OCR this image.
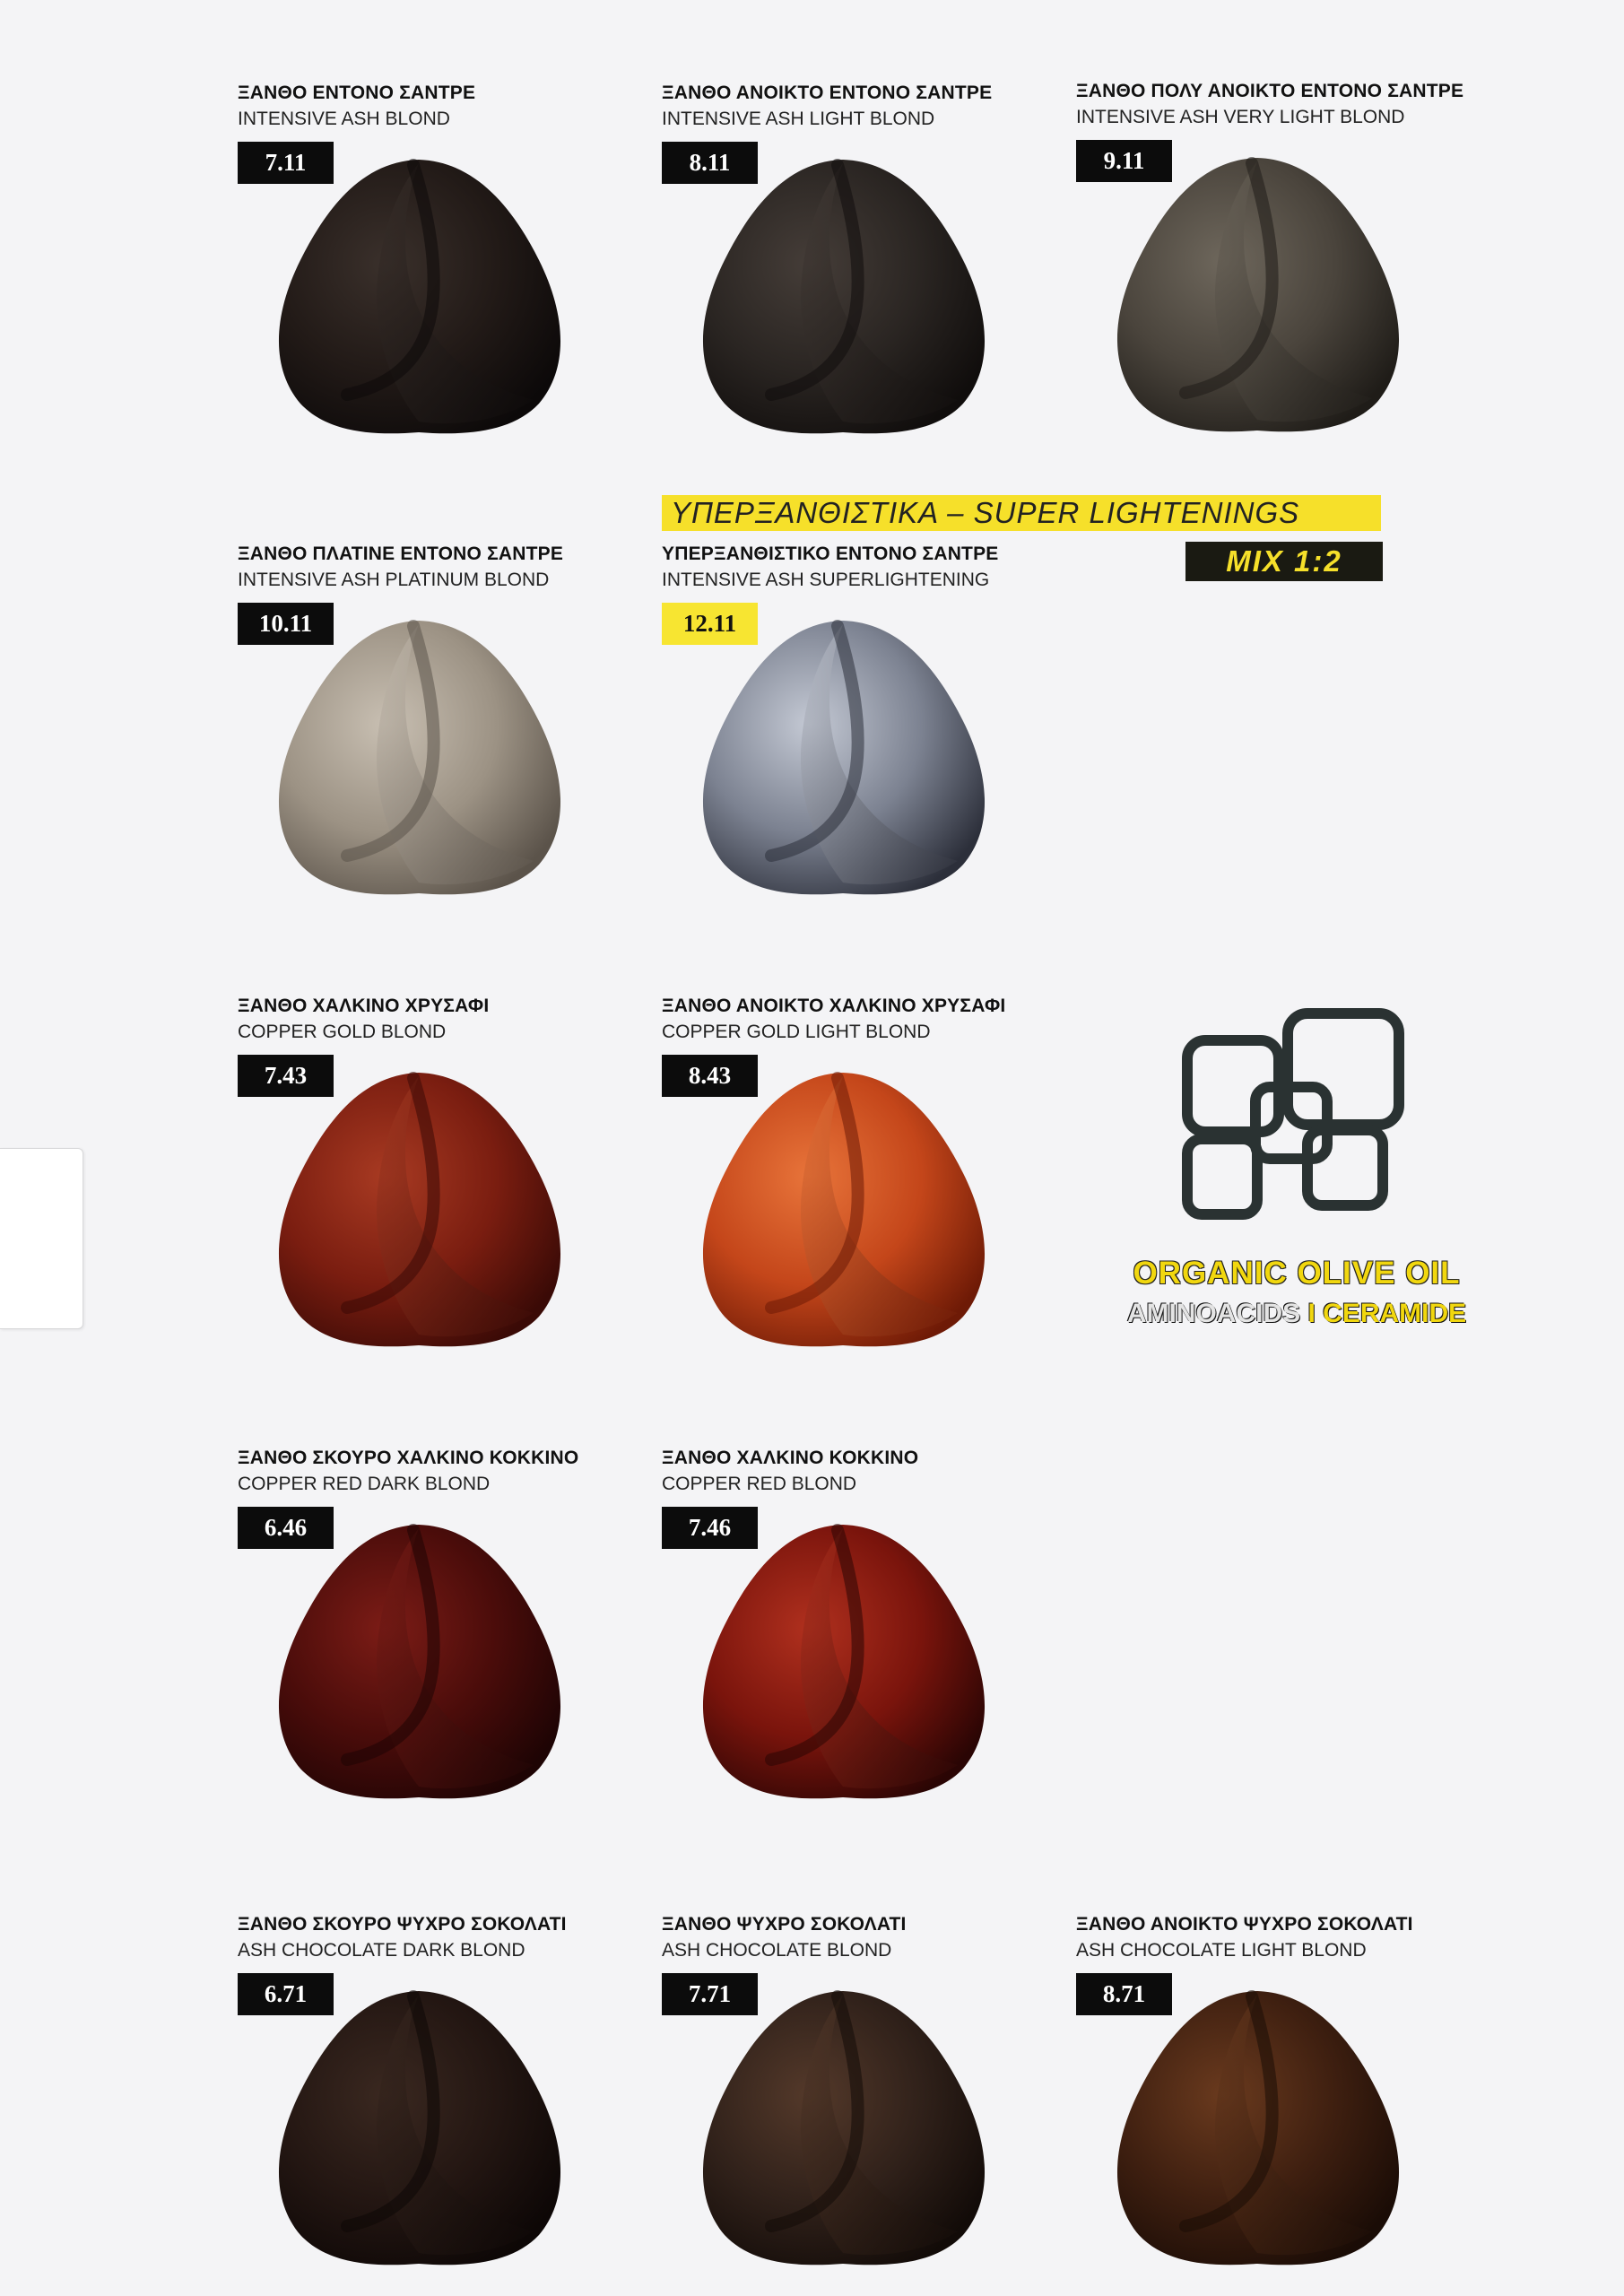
ΞΑΝΘΟ ΕΝΤΟΝΟ ΣΑΝΤΡΕ
INTENSIVE ASH BLOND
7.11
ΞΑΝΘΟ ΑΝΟΙΚΤΟ ΕΝΤΟΝΟ ΣΑΝΤΡΕ
INTENSIVE ASH LIGHT BLOND
8.11
ΞΑΝΘΟ ΠΟΛΥ ΑΝΟΙΚΤΟ ΕΝΤΟΝΟ ΣΑΝΤΡΕ
INTENSIVE ASH VERY LIGHT BLOND
9.11
ΥΠΕΡΞΑΝΘΙΣΤΙΚΑ – SUPER LIGHTENINGS
MIX 1:2
ΞΑΝΘΟ ΠΛΑΤΙΝΕ ΕΝΤΟΝΟ ΣΑΝΤΡΕ
INTENSIVE ASH PLATINUM BLOND
10.11
ΥΠΕΡΞΑΝΘΙΣΤΙΚΟ ΕΝΤΟΝΟ ΣΑΝΤΡΕ
INTENSIVE ASH SUPERLIGHTENING
12.11
ΞΑΝΘΟ ΧΑΛΚΙΝΟ ΧΡΥΣΑΦΙ
COPPER GOLD BLOND
7.43
ΞΑΝΘΟ ΑΝΟΙΚΤΟ ΧΑΛΚΙΝΟ ΧΡΥΣΑΦΙ
COPPER GOLD LIGHT BLOND
8.43
ORGANIC OLIVE OIL
AMINOACIDS I CERAMIDE
ΞΑΝΘΟ ΣΚΟΥΡΟ ΧΑΛΚΙΝΟ ΚΟΚΚΙΝΟ
COPPER RED DARK BLOND
6.46
ΞΑΝΘΟ ΧΑΛΚΙΝΟ ΚΟΚΚΙΝΟ
COPPER RED BLOND
7.46
ΞΑΝΘΟ ΣΚΟΥΡΟ ΨΥΧΡΟ ΣΟΚΟΛΑΤΙ
ASH CHOCOLATE DARK BLOND
6.71
ΞΑΝΘΟ ΨΥΧΡΟ ΣΟΚΟΛΑΤΙ
ASH CHOCOLATE BLOND
7.71
ΞΑΝΘΟ ΑΝΟΙΚΤΟ ΨΥΧΡΟ ΣΟΚΟΛΑΤΙ
ASH CHOCOLATE LIGHT BLOND
8.71
